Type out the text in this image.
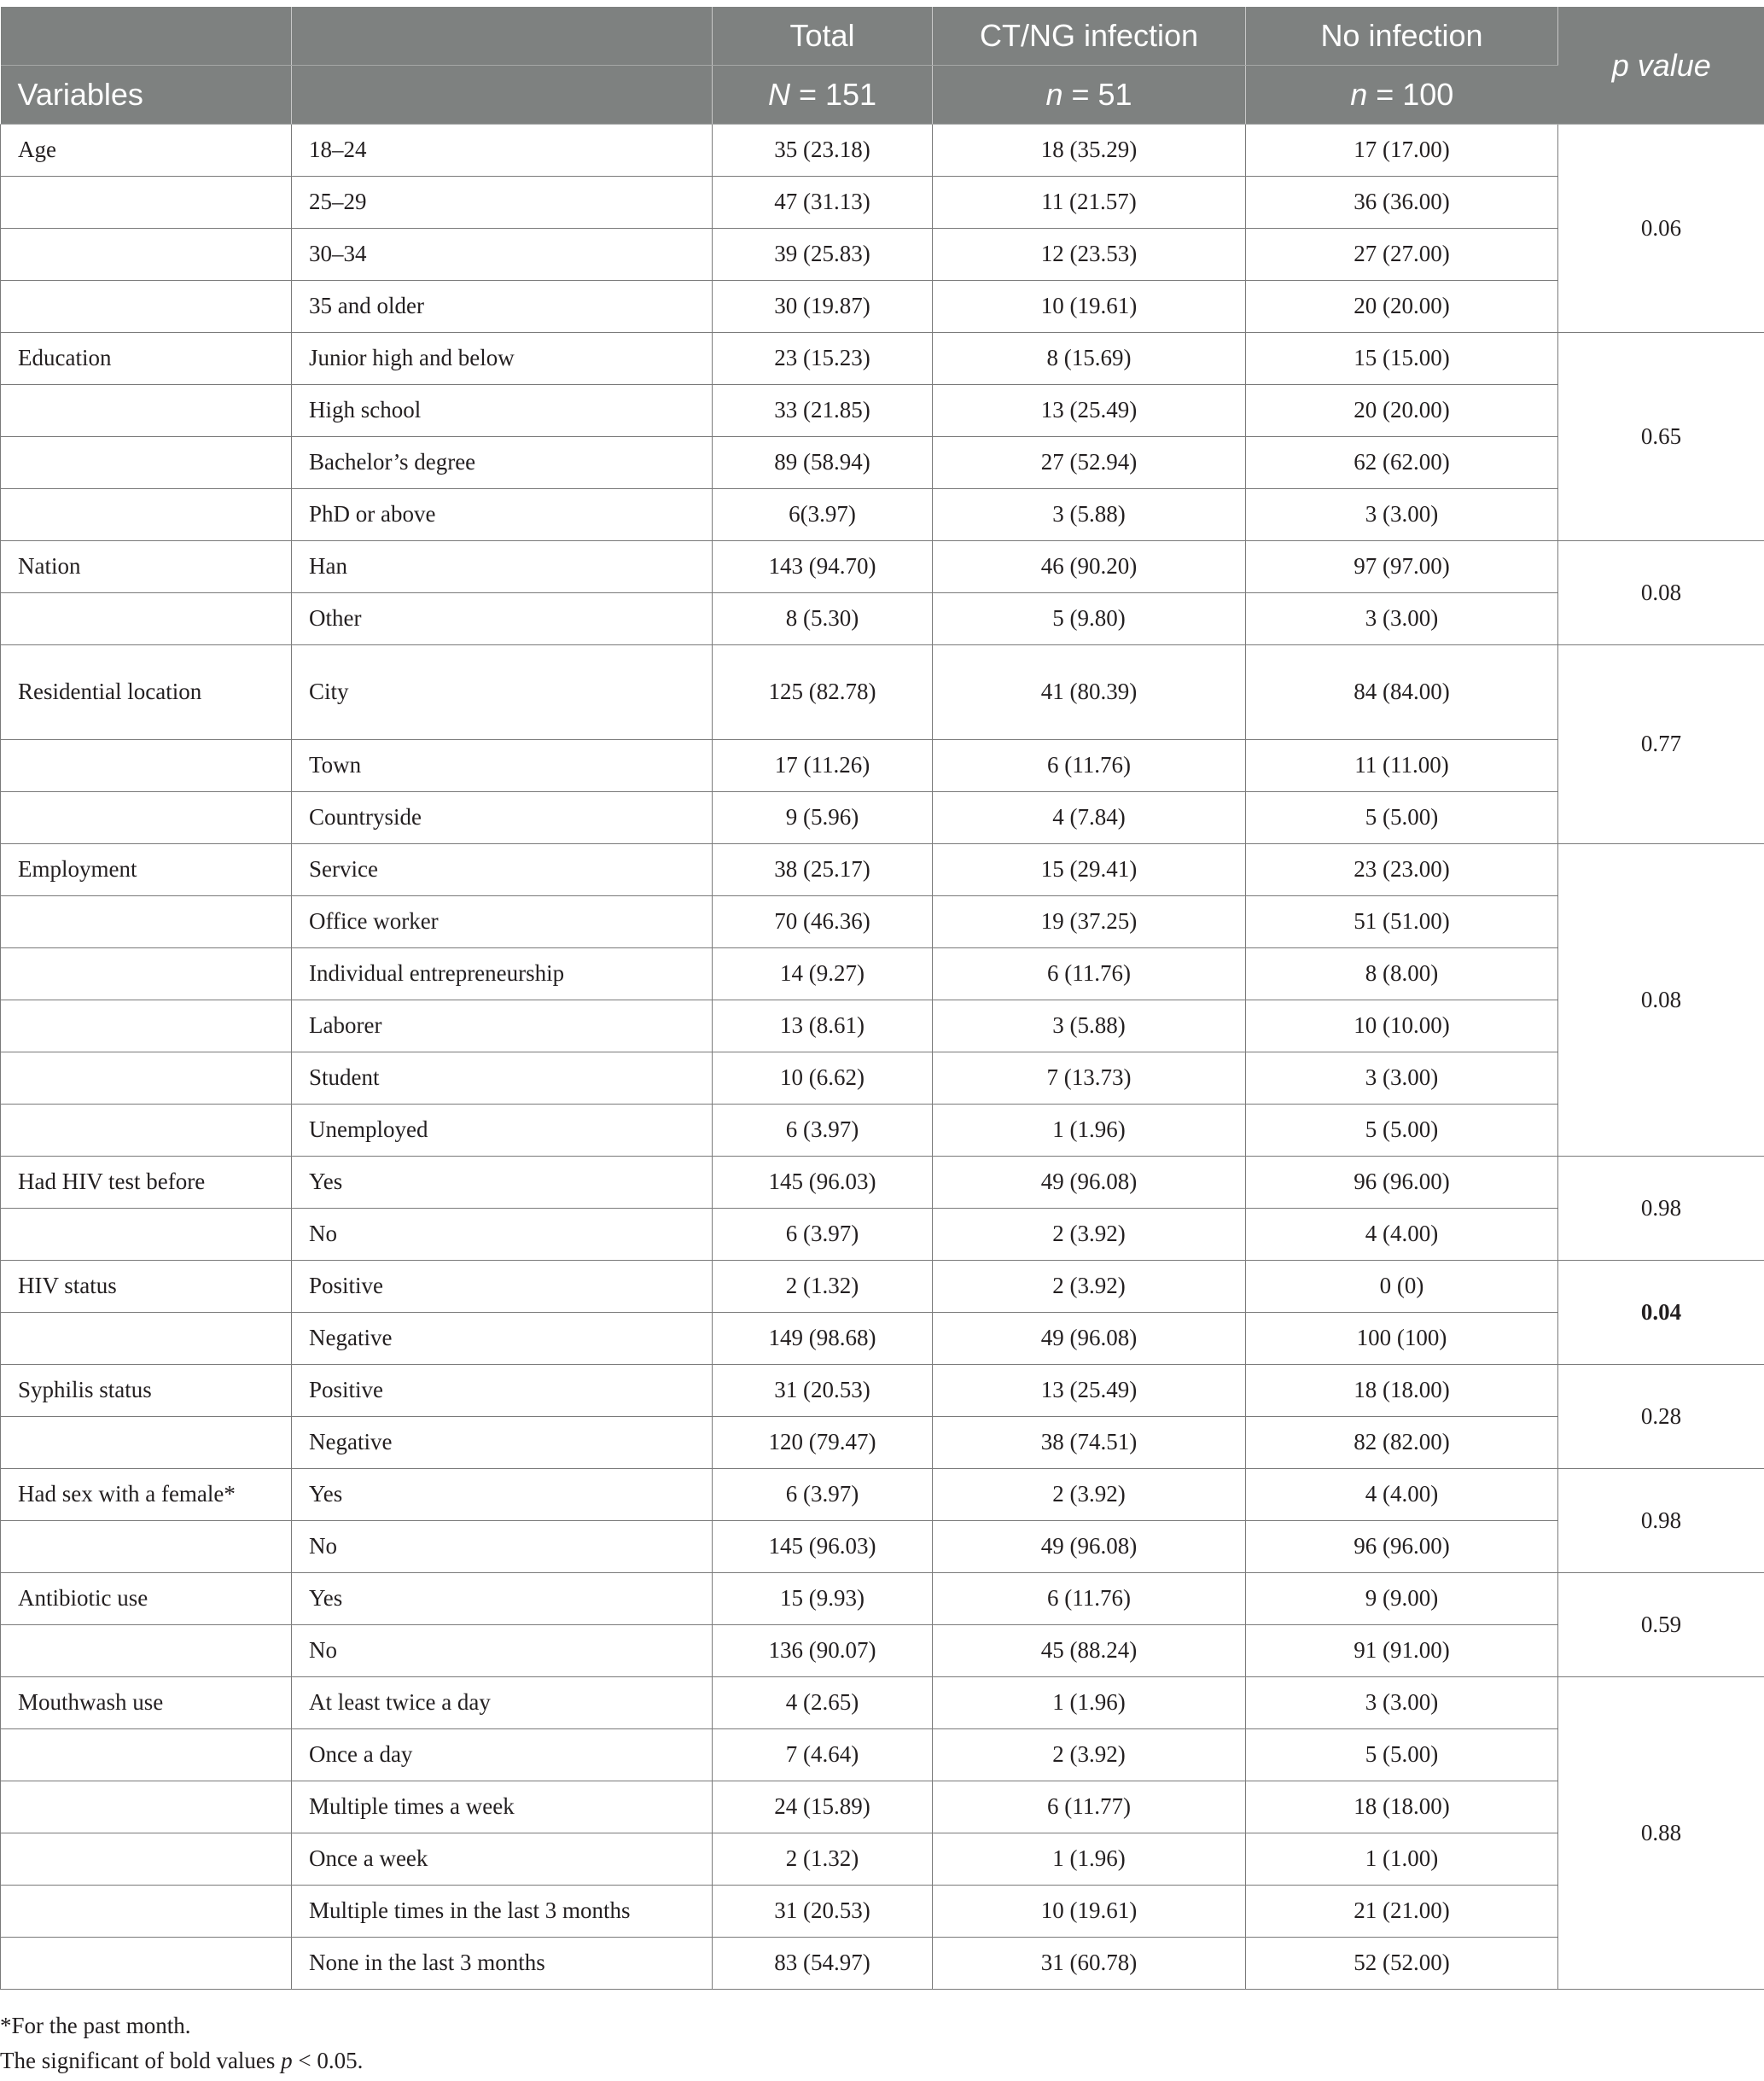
		Total	CT/NG infection	No infection	p value
Variables		N = 151	n = 51	n = 100	
Age	18–24	35 (23.18)	18 (35.29)	17 (17.00)	0.06
	25–29	47 (31.13)	11 (21.57)	36 (36.00)	
	30–34	39 (25.83)	12 (23.53)	27 (27.00)	
	35 and older	30 (19.87)	10 (19.61)	20 (20.00)	
Education	Junior high and below	23 (15.23)	8 (15.69)	15 (15.00)	0.65
	High school	33 (21.85)	13 (25.49)	20 (20.00)	
	Bachelor’s degree	89 (58.94)	27 (52.94)	62 (62.00)	
	PhD or above	6(3.97)	3 (5.88)	3 (3.00)	
Nation	Han	143 (94.70)	46 (90.20)	97 (97.00)	0.08
	Other	8 (5.30)	5 (9.80)	3 (3.00)	
Residential location	City	125 (82.78)	41 (80.39)	84 (84.00)	0.77
	Town	17 (11.26)	6 (11.76)	11 (11.00)	
	Countryside	9 (5.96)	4 (7.84)	5 (5.00)	
Employment	Service	38 (25.17)	15 (29.41)	23 (23.00)	0.08
	Office worker	70 (46.36)	19 (37.25)	51 (51.00)	
	Individual entrepreneurship	14 (9.27)	6 (11.76)	8 (8.00)	
	Laborer	13 (8.61)	3 (5.88)	10 (10.00)	
	Student	10 (6.62)	7 (13.73)	3 (3.00)	
	Unemployed	6 (3.97)	1 (1.96)	5 (5.00)	
Had HIV test before	Yes	145 (96.03)	49 (96.08)	96 (96.00)	0.98
	No	6 (3.97)	2 (3.92)	4 (4.00)	
HIV status	Positive	2 (1.32)	2 (3.92)	0 (0)	0.04
	Negative	149 (98.68)	49 (96.08)	100 (100)	
Syphilis status	Positive	31 (20.53)	13 (25.49)	18 (18.00)	0.28
	Negative	120 (79.47)	38 (74.51)	82 (82.00)	
Had sex with a female*	Yes	6 (3.97)	2 (3.92)	4 (4.00)	0.98
	No	145 (96.03)	49 (96.08)	96 (96.00)	
Antibiotic use	Yes	15 (9.93)	6 (11.76)	9 (9.00)	0.59
	No	136 (90.07)	45 (88.24)	91 (91.00)	
Mouthwash use	At least twice a day	4 (2.65)	1 (1.96)	3 (3.00)	0.88
	Once a day	7 (4.64)	2 (3.92)	5 (5.00)	
	Multiple times a week	24 (15.89)	6 (11.77)	18 (18.00)	
	Once a week	2 (1.32)	1 (1.96)	1 (1.00)	
	Multiple times in the last 3 months	31 (20.53)	10 (19.61)	21 (21.00)	
	None in the last 3 months	83 (54.97)	31 (60.78)	52 (52.00)	
*For the past month.
The significant of bold values p < 0.05.
